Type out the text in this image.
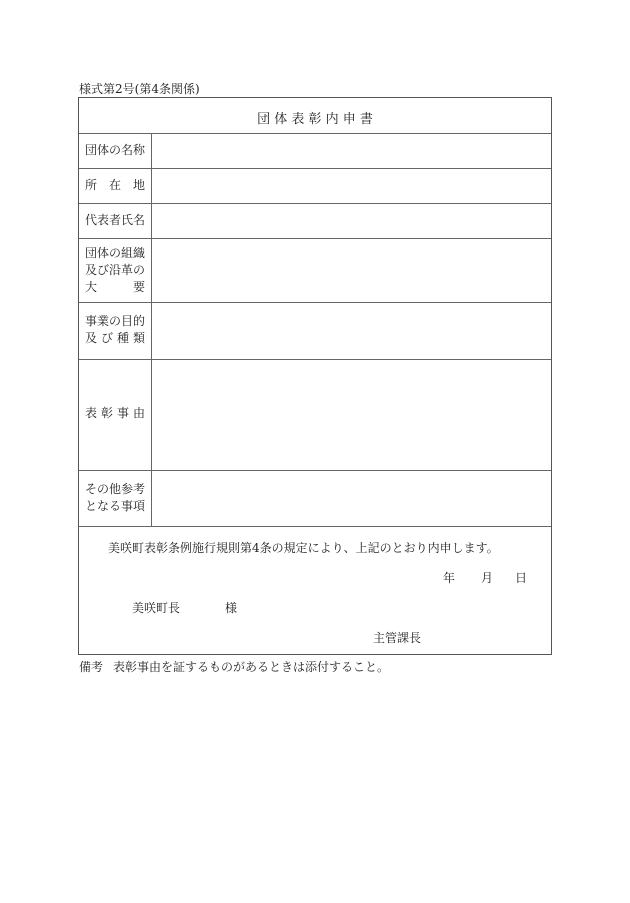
様式第2号(第4条関係)
団 体 表 彰 内 申 書
団体の名称
所在地
代表者氏名
団体の組織
及び沿革の
大要
事業の目的
及び種類
表彰事由
その他参考
となる事項
美咲町表彰条例施行規則第4条の規定により、上記のとおり内申します。
年 月 日
美咲町長	様
主管課長
備考 表彰事由を証するものがあるときは添付すること。
